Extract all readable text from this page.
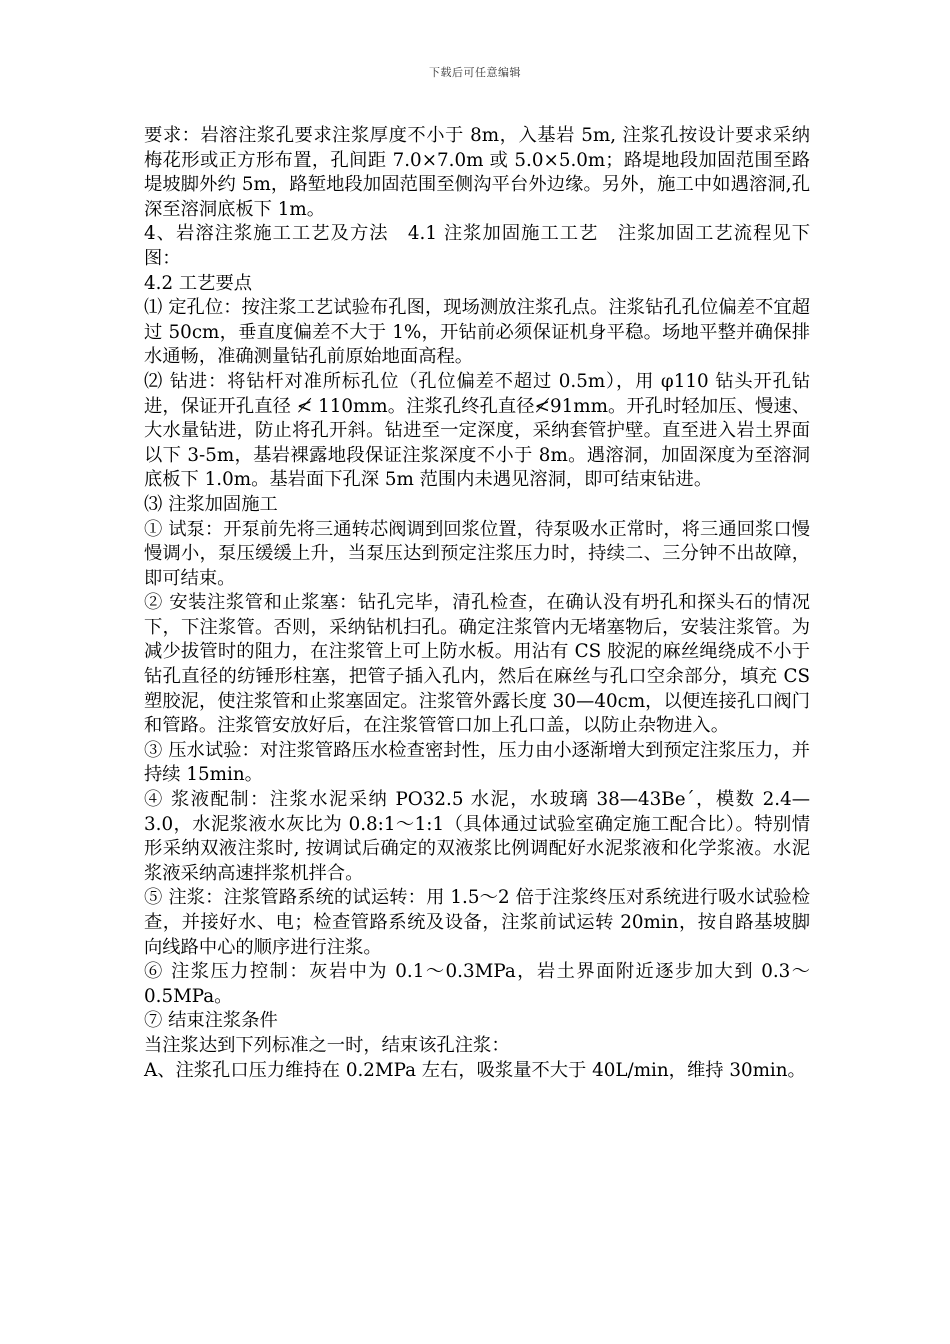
下载后可任意编辑

要求：岩溶注浆孔要求注浆厚度不小于 8m，入基岩 5m, 注浆孔按设计要求采纳梅花形或正方形布置，孔间距 7.0×7.0m 或 5.0×5.0m；路堤地段加固范围至路堤坡脚外约 5m，路堑地段加固范围至侧沟平台外边缘。另外，施工中如遇溶洞,孔深至溶洞底板下 1m。

4、岩溶注浆施工工艺及方法　4.1 注浆加固施工工艺　注浆加固工艺流程见下图：

4.2 工艺要点

⑴ 定孔位：按注浆工艺试验布孔图，现场测放注浆孔点。注浆钻孔孔位偏差不宜超过 50cm，垂直度偏差不大于 1%，开钻前必须保证机身平稳。场地平整并确保排水通畅，准确测量钻孔前原始地面高程。

⑵ 钻进：将钻杆对准所标孔位（孔位偏差不超过 0.5m），用 φ110 钻头开孔钻进，保证开孔直径 ≮ 110mm。注浆孔终孔直径≮91mm。开孔时轻加压、慢速、大水量钻进，防止将孔开斜。钻进至一定深度，采纳套管护壁。直至进入岩土界面以下 3-5m，基岩裸露地段保证注浆深度不小于 8m。遇溶洞，加固深度为至溶洞底板下 1.0m。基岩面下孔深 5m 范围内未遇见溶洞，即可结束钻进。

⑶ 注浆加固施工

① 试泵：开泵前先将三通转芯阀调到回浆位置，待泵吸水正常时，将三通回浆口慢慢调小，泵压缓缓上升，当泵压达到预定注浆压力时，持续二、三分钟不出故障，即可结束。

② 安装注浆管和止浆塞：钻孔完毕，清孔检查，在确认没有坍孔和探头石的情况下，下注浆管。否则，采纳钻机扫孔。确定注浆管内无堵塞物后，安装注浆管。为减少拔管时的阻力，在注浆管上可上防水板。用沾有 CS 胶泥的麻丝绳绕成不小于钻孔直径的纺锤形柱塞，把管子插入孔内，然后在麻丝与孔口空余部分，填充 CS 塑胶泥，使注浆管和止浆塞固定。注浆管外露长度 30—40cm，以便连接孔口阀门和管路。注浆管安放好后，在注浆管管口加上孔口盖，以防止杂物进入。

③ 压水试验：对注浆管路压水检查密封性，压力由小逐渐增大到预定注浆压力，并持续 15min。

④ 浆液配制：注浆水泥采纳 PO32.5 水泥，水玻璃 38—43Be´，模数 2.4—3.0，水泥浆液水灰比为 0.8:1～1:1（具体通过试验室确定施工配合比）。特别情形采纳双液注浆时, 按调试后确定的双液浆比例调配好水泥浆液和化学浆液。水泥浆液采纳高速拌浆机拌合。

⑤ 注浆：注浆管路系统的试运转：用 1.5～2 倍于注浆终压对系统进行吸水试验检查，并接好水、电；检查管路系统及设备，注浆前试运转 20min，按自路基坡脚向线路中心的顺序进行注浆。

⑥ 注浆压力控制：灰岩中为 0.1～0.3MPa，岩土界面附近逐步加大到 0.3～0.5MPa。

⑦ 结束注浆条件

当注浆达到下列标准之一时，结束该孔注浆：

A、注浆孔口压力维持在 0.2MPa 左右，吸浆量不大于 40L/min，维持 30min。
